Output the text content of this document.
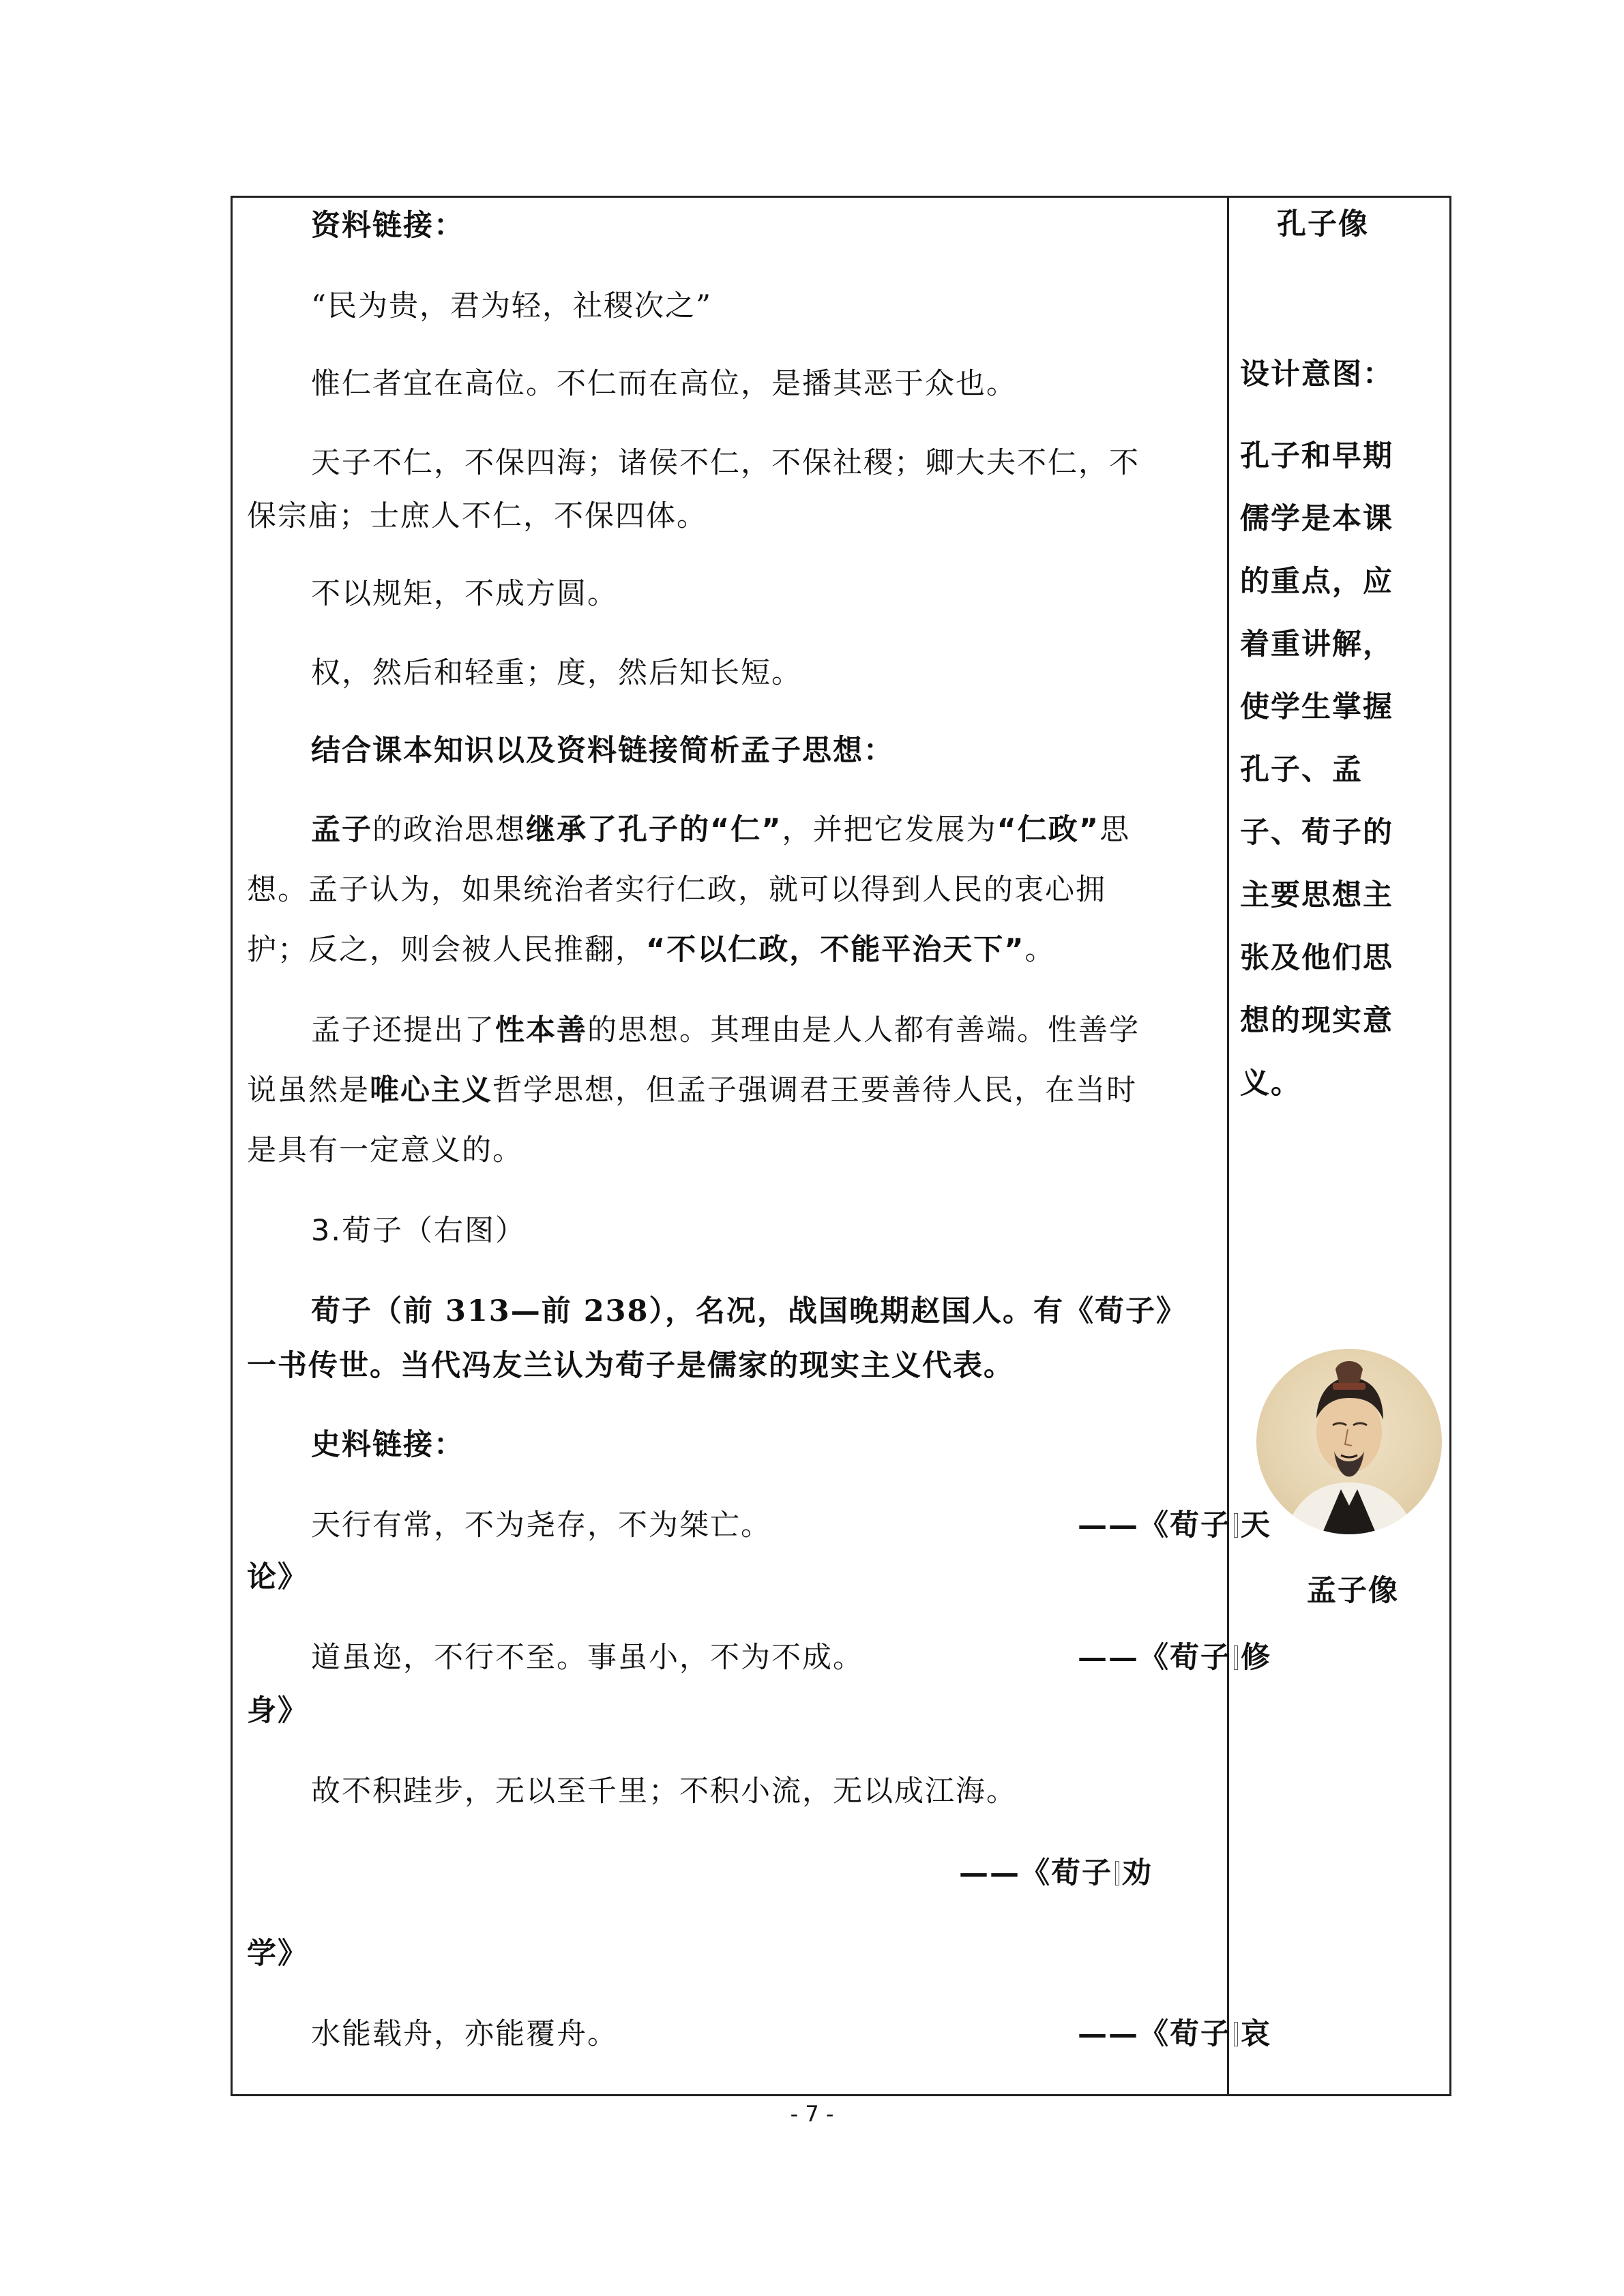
资料链接：
“民为贵，君为轻，社稷次之”
惟仁者宜在高位。不仁而在高位，是播其恶于众也。
天子不仁，不保四海；诸侯不仁，不保社稷；卿大夫不仁，不
保宗庙；士庶人不仁，不保四体。
不以规矩，不成方圆。
权，然后和轻重；度，然后知长短。
结合课本知识以及资料链接简析孟子思想：
孟子的政治思想继承了孔子的“仁”，并把它发展为“仁政”思
想。孟子认为，如果统治者实行仁政，就可以得到人民的衷心拥
护；反之，则会被人民推翻，“不以仁政，不能平治天下”。
孟子还提出了性本善的思想。其理由是人人都有善端。性善学
说虽然是唯心主义哲学思想，但孟子强调君王要善待人民，在当时
是具有一定意义的。
3.荀子（右图）
荀子（前 313—前 238），名况，战国晚期赵国人。有《荀子》
一书传世。当代冯友兰认为荀子是儒家的现实主义代表。
史料链接：
天行有常，不为尧存，不为桀亡。	——《荀子 天
论》
道虽迩，不行不至。事虽小，不为不成。	——《荀子 修
身》
故不积跬步，无以至千里；不积小流，无以成江海。
——《荀子 劝
学》
水能载舟，亦能覆舟。	——《荀子 哀
孔子像
设计意图：
孔子和早期
儒学是本课
的重点，应
着重讲解，
使学生掌握
孔子、孟
子、荀子的
主要思想主
张及他们思
想的现实意
义。
孟子像
- 7 -
